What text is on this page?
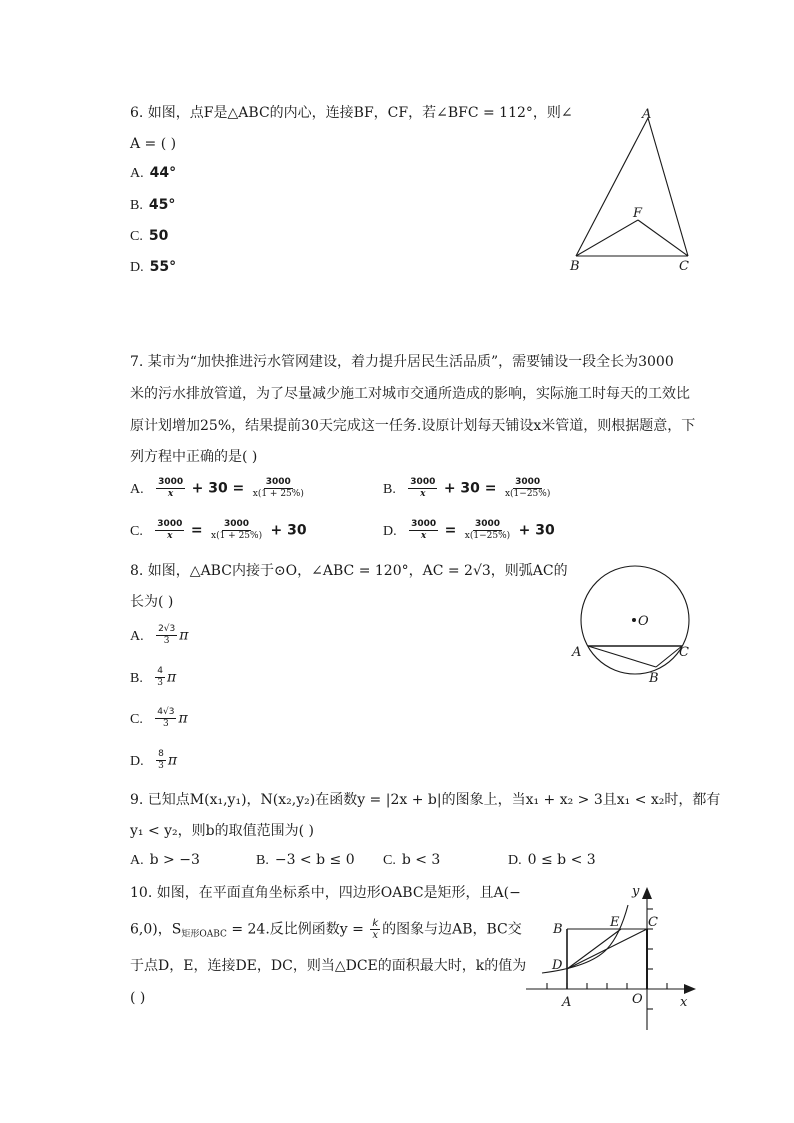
6. 如图，点F是△ABC的内心，连接BF，CF，若∠BFC = 112°，则∠
A = ( )
A. 44°
B. 45°
C. 50
D. 55°
A
B	C
F
7. 某市为“加快推进污水管网建设，着力提升居民生活品质”，需要铺设一段全长为3000
米的污水排放管道，为了尽量减少施工对城市交通所造成的影响，实际施工时每天的工效比
原计划增加25%，结果提前30天完成这一任务.设原计划每天铺设x米管道，则根据题意，下
列方程中正确的是( )
A. $\frac{3000}{x} + 30 = \frac{3000}{x(1 + 25\%)}$	B. $\frac{3000}{x} + 30 = \frac{3000}{x(1-25\%)}$
C. $\frac{3000}{x} = \frac{3000}{x(1 + 25\%)} + 30$	D. $\frac{3000}{x} = \frac{3000}{x(1-25\%)} + 30$
8. 如图，△ABC内接于⊙O，∠ABC = 120°，AC = 2√3，则弧AC的
长为( )
A. $\frac{2√3}{3}$ π
B. $\frac{4}{3}$ π
C. $\frac{4√3}{3}$ π
D. $\frac{8}{3}$ π
O
A
B
C
9. 已知点M(x₁,y₁)，N(x₂,y₂)在函数y = |2x + b|的图象上，当x₁ + x₂ > 3且x₁ < x₂时，都有
y₁ < y₂，则b的取值范围为( )
A. b > −3	B. −3 < b ≤ 0 C. b < 3	D. 0 ≤ b < 3
10. 如图，在平面直角坐标系中，四边形OABC是矩形，且A(−
6,0)，$S_{矩形OABC} = 24$.反比例函数$y = \frac{k}{x}$ 的图象与边AB，BC交
于点D，E，连接DE，DC，则当△DCE的面积最大时，k的值为
( )
y
x
B	E C
D
A	O
